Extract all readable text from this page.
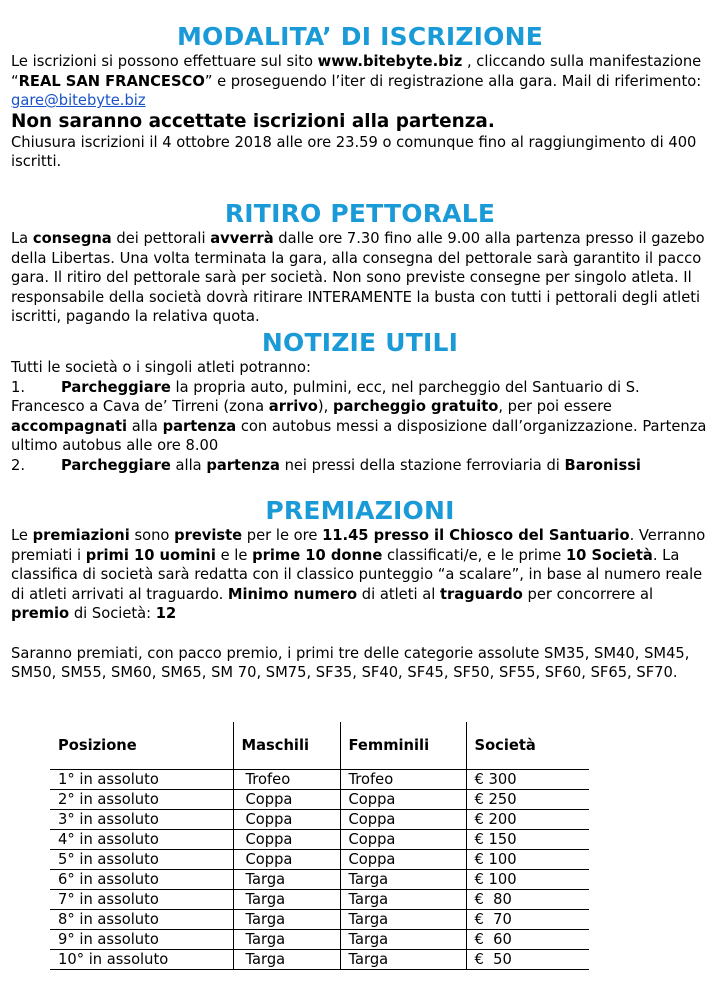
MODALITA’ DI ISCRIZIONE

Le iscrizioni si possono effettuare sul sito www.bitebyte.biz , cliccando sulla manifestazione “REAL SAN FRANCESCO” e proseguendo l’iter di registrazione alla gara. Mail di riferimento: gare@bitebyte.biz

Non saranno accettate iscrizioni alla partenza.

Chiusura iscrizioni il 4 ottobre 2018 alle ore 23.59 o comunque fino al raggiungimento di 400 iscritti.

RITIRO PETTORALE

La consegna dei pettorali avverrà dalle ore 7.30 fino alle 9.00 alla partenza presso il gazebo della Libertas. Una volta terminata la gara, alla consegna del pettorale sarà garantito il pacco gara. Il ritiro del pettorale sarà per società. Non sono previste consegne per singolo atleta. Il responsabile della società dovrà ritirare INTERAMENTE la busta con tutti i pettorali degli atleti iscritti, pagando la relativa quota.

NOTIZIE UTILI

Tutti le società o i singoli atleti potranno:

1. Parcheggiare la propria auto, pulmini, ecc, nel parcheggio del Santuario di S. Francesco a Cava de’ Tirreni (zona arrivo), parcheggio gratuito, per poi essere accompagnati alla partenza con autobus messi a disposizione dall’organizzazione. Partenza ultimo autobus alle ore 8.00

2. Parcheggiare alla partenza nei pressi della stazione ferroviaria di Baronissi

PREMIAZIONI

Le premiazioni sono previste per le ore 11.45 presso il Chiosco del Santuario. Verranno premiati i primi 10 uomini e le prime 10 donne classificati/e, e le prime 10 Società. La classifica di società sarà redatta con il classico punteggio “a scalare”, in base al numero reale di atleti arrivati al traguardo. Minimo numero di atleti al traguardo per concorrere al premio di Società: 12

Saranno premiati, con pacco premio, i primi tre delle categorie assolute SM35, SM40, SM45, SM50, SM55, SM60, SM65, SM 70, SM75, SF35, SF40, SF45, SF50, SF55, SF60, SF65, SF70.

Posizione	Maschili	Femminili	Società
1° in assoluto	Trofeo	Trofeo	€ 300
2° in assoluto	Coppa	Coppa	€ 250
3° in assoluto	Coppa	Coppa	€ 200
4° in assoluto	Coppa	Coppa	€ 150
5° in assoluto	Coppa	Coppa	€ 100
6° in assoluto	Targa	Targa	€ 100
7° in assoluto	Targa	Targa	€  80
8° in assoluto	Targa	Targa	€  70
9° in assoluto	Targa	Targa	€  60
10° in assoluto	Targa	Targa	€  50
